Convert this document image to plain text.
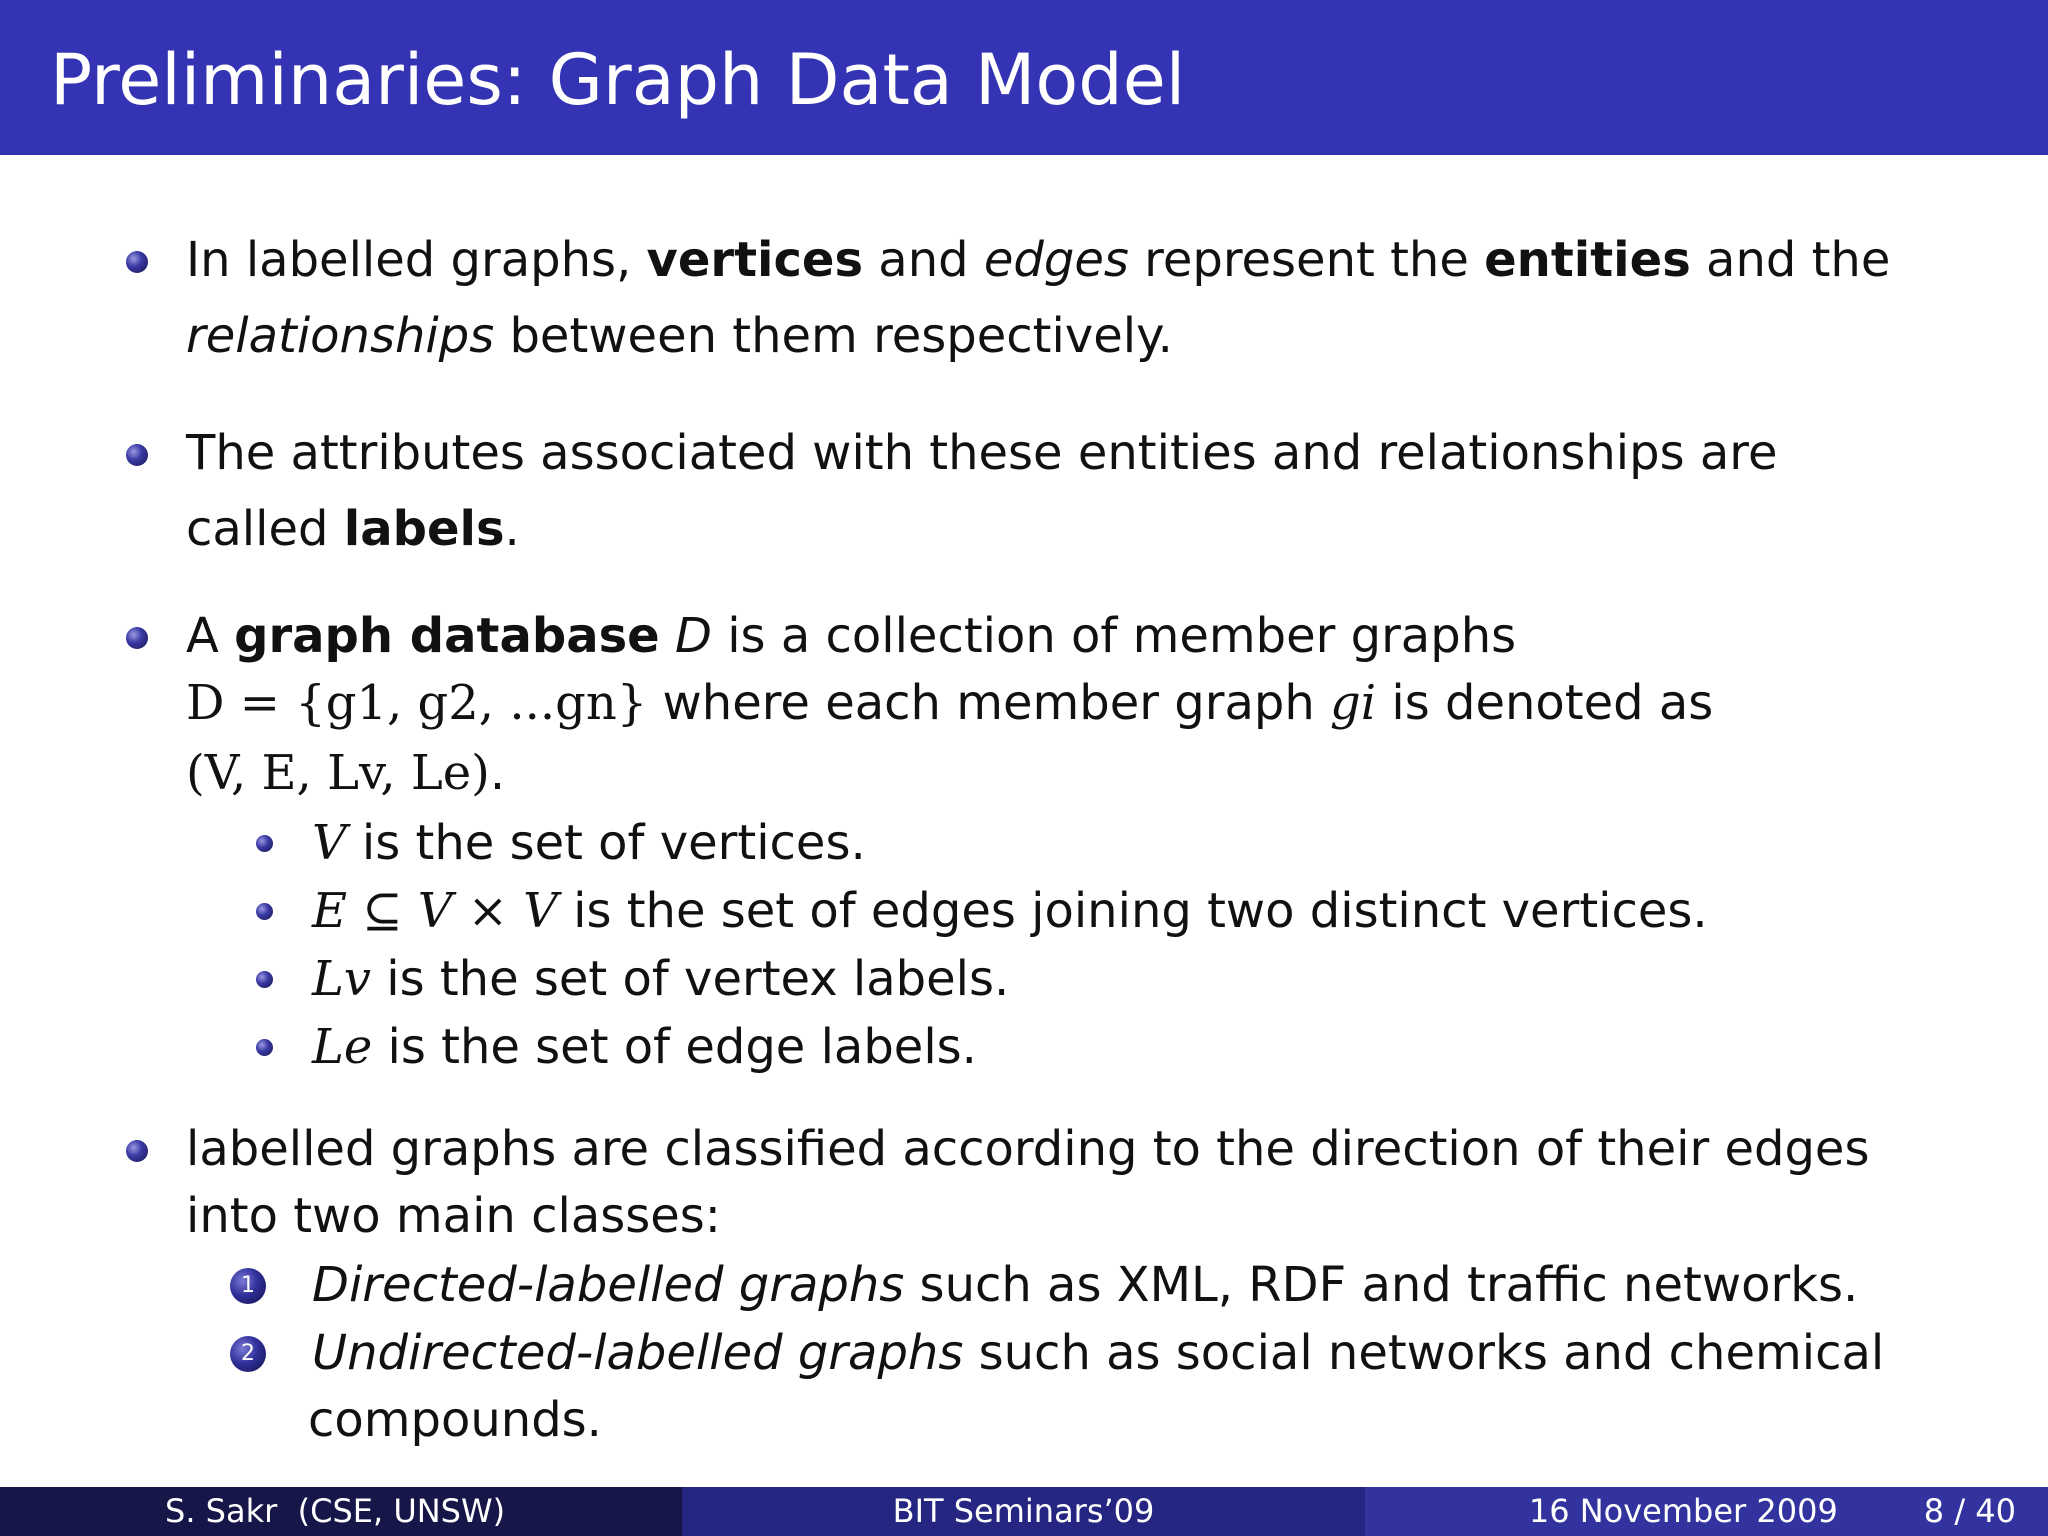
Preliminaries: Graph Data Model
In labelled graphs, vertices and edges represent the entities and the
relationships between them respectively.
The attributes associated with these entities and relationships are
called labels.
A graph database D is a collection of member graphs
D = {g1, g2, ...gn} where each member graph gi is denoted as
(V, E, Lv, Le).
V is the set of vertices.
E ⊆ V × V is the set of edges joining two distinct vertices.
Lv is the set of vertex labels.
Le is the set of edge labels.
labelled graphs are classified according to the direction of their edges
into two main classes:
1 Directed-labelled graphs such as XML, RDF and traffic networks.
2 Undirected-labelled graphs such as social networks and chemical
compounds.
S. Sakr  (CSE, UNSW)	BIT Seminars’09	16 November 2009	8 / 40
